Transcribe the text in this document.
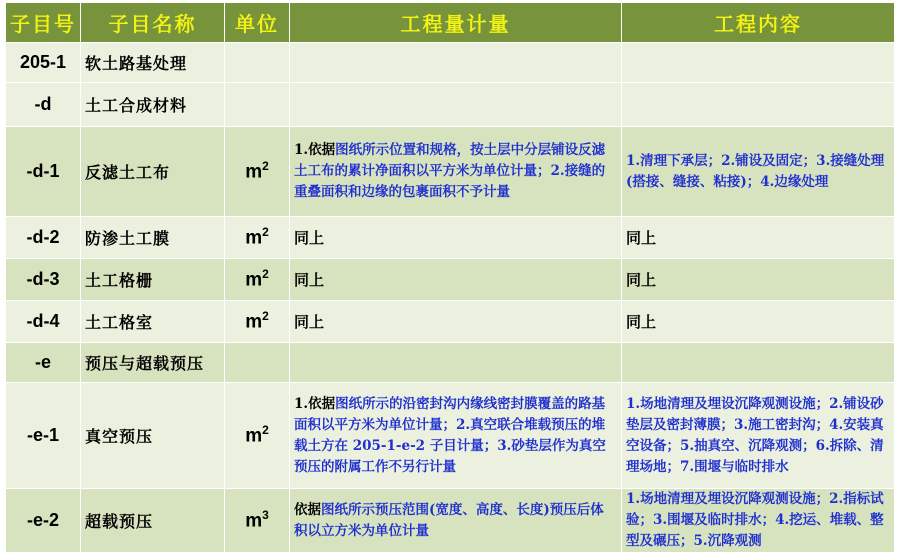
子目号	子目名称	单位	工程量计量	工程内容
205-1	软土路基处理			
-d	土工合成材料			
-d-1	反滤土工布	$m^2$	1.依据图纸所示位置和规格，按土层中分层铺设反滤土工布的累计净面积以平方米为单位计量；2.接缝的重叠面积和边缘的包裹面积不予计量	1.清理下承层；2.铺设及固定；3.接缝处理(搭接、缝接、粘接)；4.边缘处理
-d-2	防渗土工膜	$m^2$	同上	同上
-d-3	土工格栅	$m^2$	同上	同上
-d-4	土工格室	$m^2$	同上	同上
-e	预压与超载预压			
-e-1	真空预压	$m^2$	1.依据图纸所示的沿密封沟内缘线密封膜覆盖的路基面积以平方米为单位计量；2.真空联合堆载预压的堆载土方在 205-1-e-2 子目计量；3.砂垫层作为真空预压的附属工作不另行计量	1.场地清理及埋设沉降观测设施；2.铺设砂垫层及密封薄膜；3.施工密封沟；4.安装真空设备；5.抽真空、沉降观测；6.拆除、清理场地；7.围堰与临时排水
-e-2	超载预压	$m^3$	依据图纸所示预压范围(宽度、高度、长度)预压后体积以立方米为单位计量	1.场地清理及埋设沉降观测设施；2.指标试验；3.围堰及临时排水；4.挖运、堆载、整型及碾压；5.沉降观测
